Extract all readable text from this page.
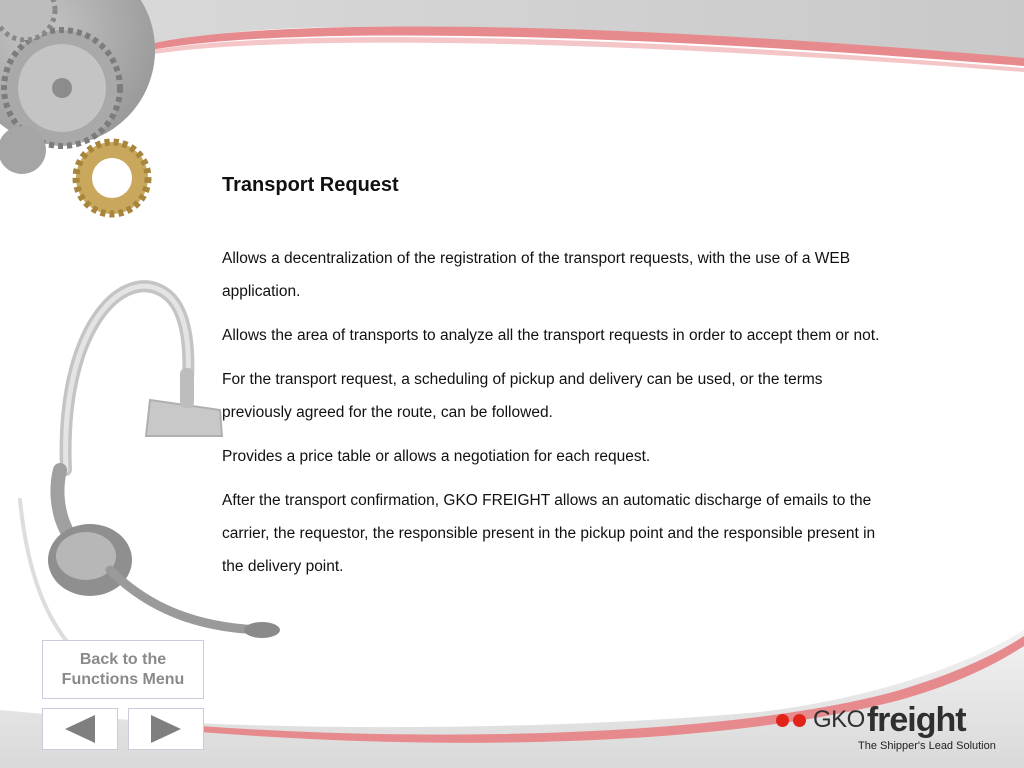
Transport Request

Allows a decentralization of the registration of the transport requests, with the use of a WEB application.

Allows the area of transports to analyze all the transport requests in order to accept them or not.

For the transport request, a scheduling of pickup and delivery can be used, or the terms previously agreed for the route, can be followed.

Provides a price table or allows a negotiation for each request.

After the transport confirmation, GKO FREIGHT allows an automatic discharge of emails to the carrier, the requestor, the responsible present in the pickup point and the responsible present in the delivery point.

Back to the
Functions Menu
GKO freight
The Shipper's Lead Solution
